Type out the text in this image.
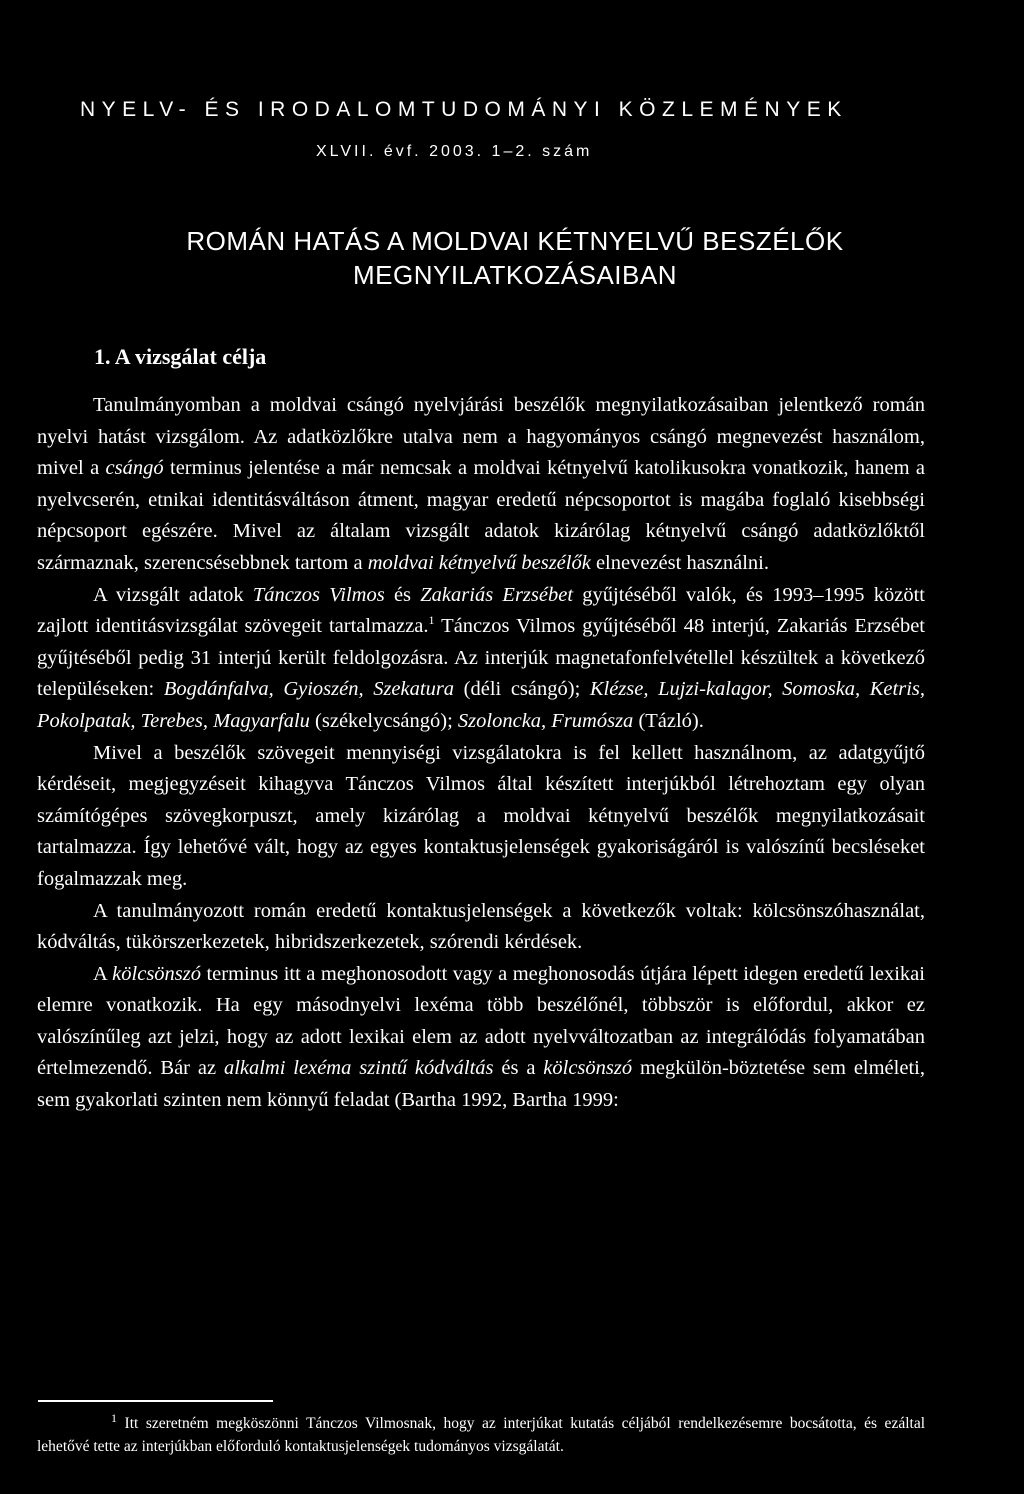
NYELV- ÉS IRODALOMTUDOMÁNYI KÖZLEMÉNYEK
XLVII. évf. 2003. 1–2. szám
ROMÁN HATÁS A MOLDVAI KÉTNYELVŰ BESZÉLŐK
MEGNYILATKOZÁSAIBAN
1. A vizsgálat célja

Tanulmányomban a moldvai csángó nyelvjárási beszélők megnyilatkozásaiban jelentkező román nyelvi hatást vizsgálom. Az adatközlőkre utalva nem a hagyományos csángó megnevezést használom, mivel a csángó terminus jelentése a már nemcsak a moldvai kétnyelvű katolikusokra vonatkozik, hanem a nyelvcserén, etnikai identitásváltáson átment, magyar eredetű népcsoportot is magába foglaló kisebbségi népcsoport egészére. Mivel az általam vizsgált adatok kizárólag kétnyelvű csángó adatközlőktől származnak, szerencsésebbnek tartom a moldvai kétnyelvű beszélők elnevezést használni.

A vizsgált adatok Tánczos Vilmos és Zakariás Erzsébet gyűjtéséből valók, és 1993–1995 között zajlott identitásvizsgálat szövegeit tartalmazza.$^1$ Tánczos Vilmos gyűjtéséből 48 interjú, Zakariás Erzsébet gyűjtéséből pedig 31 interjú került feldolgozásra. Az interjúk magnetafonfelvétellel készültek a következő településeken: Bogdánfalva, Gyioszén, Szekatura (déli csángó); Klézse, Lujzi-kalagor, Somoska, Ketris, Pokolpatak, Terebes, Magyarfalu (székelycsángó); Szoloncka, Frumósza (Tázló).

Mivel a beszélők szövegeit mennyiségi vizsgálatokra is fel kellett használnom, az adatgyűjtő kérdéseit, megjegyzéseit kihagyva Tánczos Vilmos által készített interjúkból létrehoztam egy olyan számítógépes szövegkorpuszt, amely kizárólag a moldvai kétnyelvű beszélők megnyilatkozásait tartalmazza. Így lehetővé vált, hogy az egyes kontaktusjelenségek gyakoriságáról is valószínű becsléseket fogalmazzak meg.

A tanulmányozott román eredetű kontaktusjelenségek a következők voltak: kölcsönszóhasználat, kódváltás, tükörszerkezetek, hibridszerkezetek, szórendi kérdések.

A kölcsönszó terminus itt a meghonosodott vagy a meghonosodás útjára lépett idegen eredetű lexikai elemre vonatkozik. Ha egy másodnyelvi lexéma több beszélőnél, többször is előfordul, akkor ez valószínűleg azt jelzi, hogy az adott lexikai elem az adott nyelvváltozatban az integrálódás folyamatában értelmezendő. Bár az alkalmi lexéma szintű kódváltás és a kölcsönszó megkülön-böztetése sem elméleti, sem gyakorlati szinten nem könnyű feladat (Bartha 1992, Bartha 1999:

$^1$ Itt szeretném megköszönni Tánczos Vilmosnak, hogy az interjúkat kutatás céljából rendelkezésemre bocsátotta, és ezáltal lehetővé tette az interjúkban előforduló kontaktusjelenségek tudományos vizsgálatát.
